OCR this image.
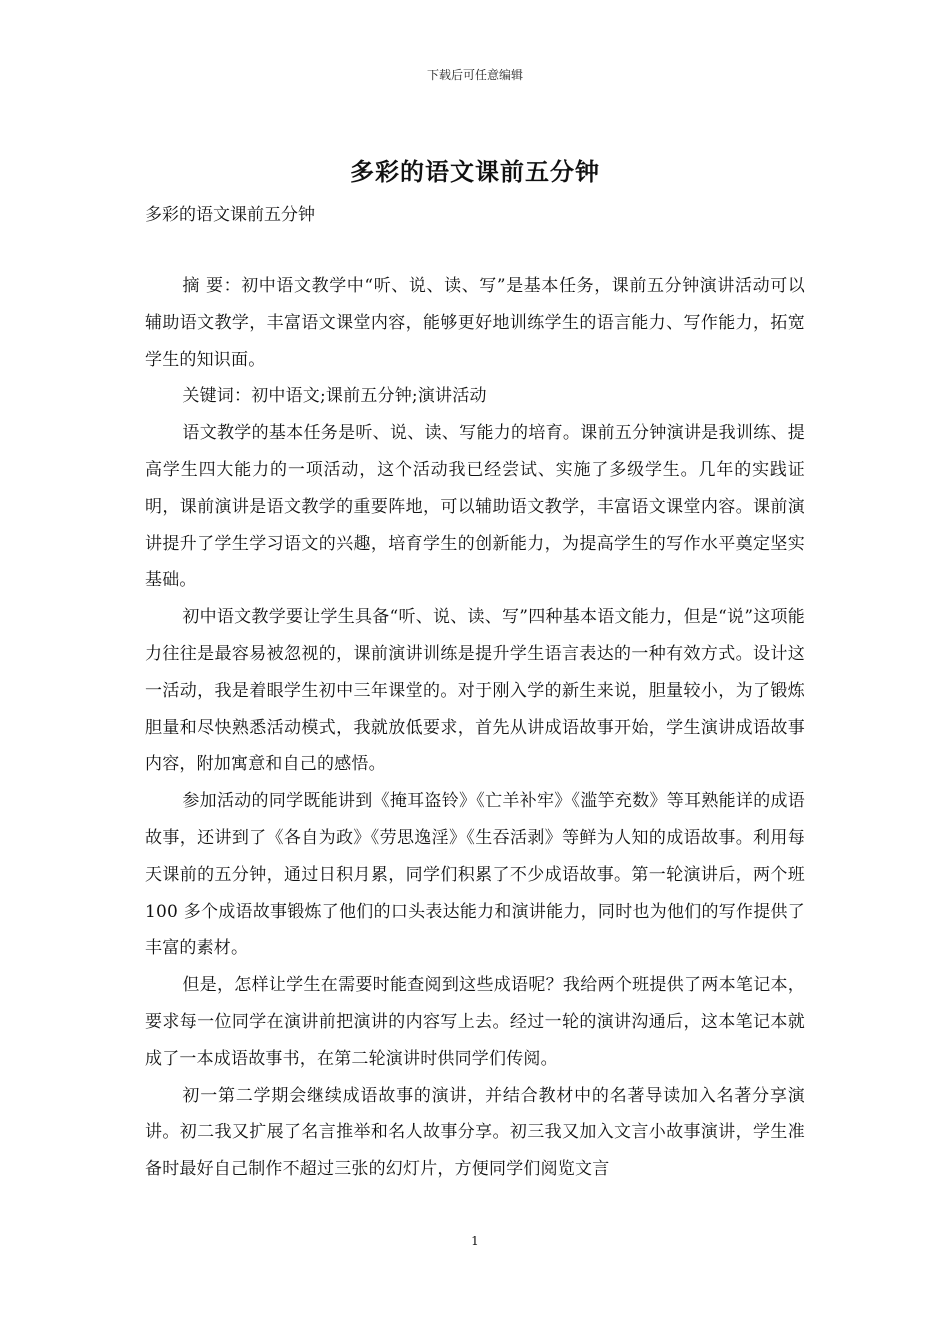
下载后可任意编辑
多彩的语文课前五分钟
多彩的语文课前五分钟

摘 要：初中语文教学中“听、说、读、写”是基本任务，课前五分钟演讲活动可以辅助语文教学，丰富语文课堂内容，能够更好地训练学生的语言能力、写作能力，拓宽学生的知识面。

关键词：初中语文;课前五分钟;演讲活动

语文教学的基本任务是听、说、读、写能力的培育。课前五分钟演讲是我训练、提高学生四大能力的一项活动，这个活动我已经尝试、实施了多级学生。几年的实践证明，课前演讲是语文教学的重要阵地，可以辅助语文教学，丰富语文课堂内容。课前演讲提升了学生学习语文的兴趣，培育学生的创新能力，为提高学生的写作水平奠定坚实基础。

初中语文教学要让学生具备“听、说、读、写”四种基本语文能力，但是“说”这项能力往往是最容易被忽视的，课前演讲训练是提升学生语言表达的一种有效方式。设计这一活动，我是着眼学生初中三年课堂的。对于刚入学的新生来说，胆量较小，为了锻炼胆量和尽快熟悉活动模式，我就放低要求，首先从讲成语故事开始，学生演讲成语故事内容，附加寓意和自己的感悟。

参加活动的同学既能讲到《掩耳盗铃》《亡羊补牢》《滥竽充数》等耳熟能详的成语故事，还讲到了《各自为政》《劳思逸淫》《生吞活剥》等鲜为人知的成语故事。利用每天课前的五分钟，通过日积月累，同学们积累了不少成语故事。第一轮演讲后，两个班 100 多个成语故事锻炼了他们的口头表达能力和演讲能力，同时也为他们的写作提供了丰富的素材。

但是，怎样让学生在需要时能查阅到这些成语呢？我给两个班提供了两本笔记本，要求每一位同学在演讲前把演讲的内容写上去。经过一轮的演讲沟通后，这本笔记本就成了一本成语故事书，在第二轮演讲时供同学们传阅。

初一第二学期会继续成语故事的演讲，并结合教材中的名著导读加入名著分享演讲。初二我又扩展了名言推举和名人故事分享。初三我又加入文言小故事演讲，学生准备时最好自己制作不超过三张的幻灯片，方便同学们阅览文言

1
